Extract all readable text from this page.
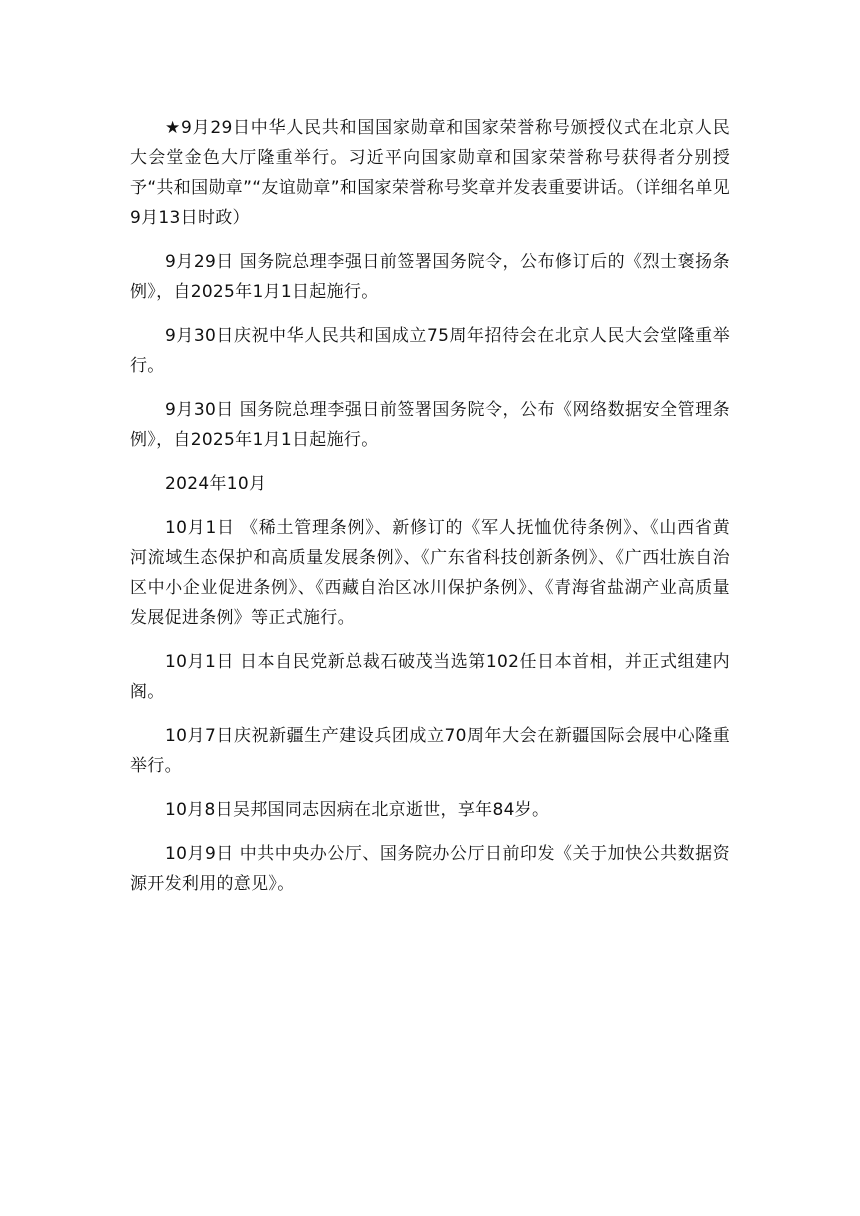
★9月29日中华人民共和国国家勋章和国家荣誉称号颁授仪式在北京人民大会堂金色大厅隆重举行。习近平向国家勋章和国家荣誉称号获得者分别授予“共和国勋章”“友谊勋章”和国家荣誉称号奖章并发表重要讲话。（详细名单见9月13日时政）

9月29日 国务院总理李强日前签署国务院令，公布修订后的《烈士褒扬条例》，自2025年1月1日起施行。

9月30日庆祝中华人民共和国成立75周年招待会在北京人民大会堂隆重举行。

9月30日 国务院总理李强日前签署国务院令，公布《网络数据安全管理条例》，自2025年1月1日起施行。

2024年10月

10月1日 《稀土管理条例》、新修订的《军人抚恤优待条例》、《山西省黄河流域生态保护和高质量发展条例》、《广东省科技创新条例》、《广西壮族自治区中小企业促进条例》、《西藏自治区冰川保护条例》、《青海省盐湖产业高质量发展促进条例》等正式施行。

10月1日 日本自民党新总裁石破茂当选第102任日本首相，并正式组建内阁。

10月7日庆祝新疆生产建设兵团成立70周年大会在新疆国际会展中心隆重举行。

10月8日吴邦国同志因病在北京逝世，享年84岁。

10月9日 中共中央办公厅、国务院办公厅日前印发《关于加快公共数据资源开发利用的意见》。
